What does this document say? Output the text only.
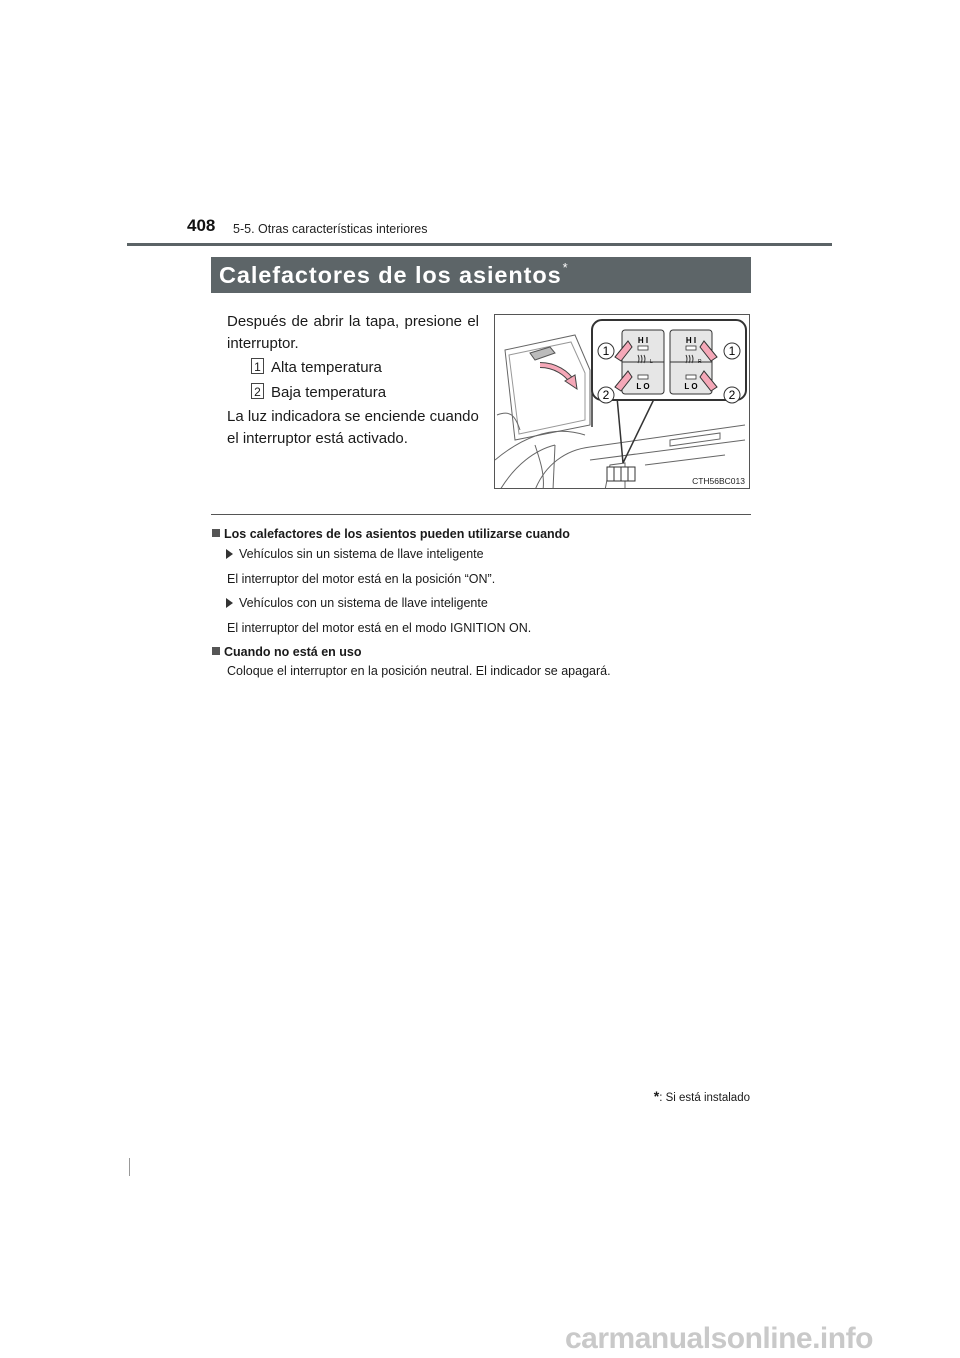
408 5-5. Otras características interiores
Calefactores de los asientos*
Después de abrir la tapa, presione el interruptor.
1 Alta temperatura
2 Baja temperatura
La luz indicadora se enciende cuando el interruptor está activado.
H I	H I
L	R
L O	L O
1
2
1
2
CTH56BC013
Los calefactores de los asientos pueden utilizarse cuando
Vehículos sin un sistema de llave inteligente
El interruptor del motor está en la posición “ON”.
Vehículos con un sistema de llave inteligente
El interruptor del motor está en el modo IGNITION ON.
Cuando no está en uso
Coloque el interruptor en la posición neutral. El indicador se apagará.
*: Si está instalado
carmanualsonline.info
